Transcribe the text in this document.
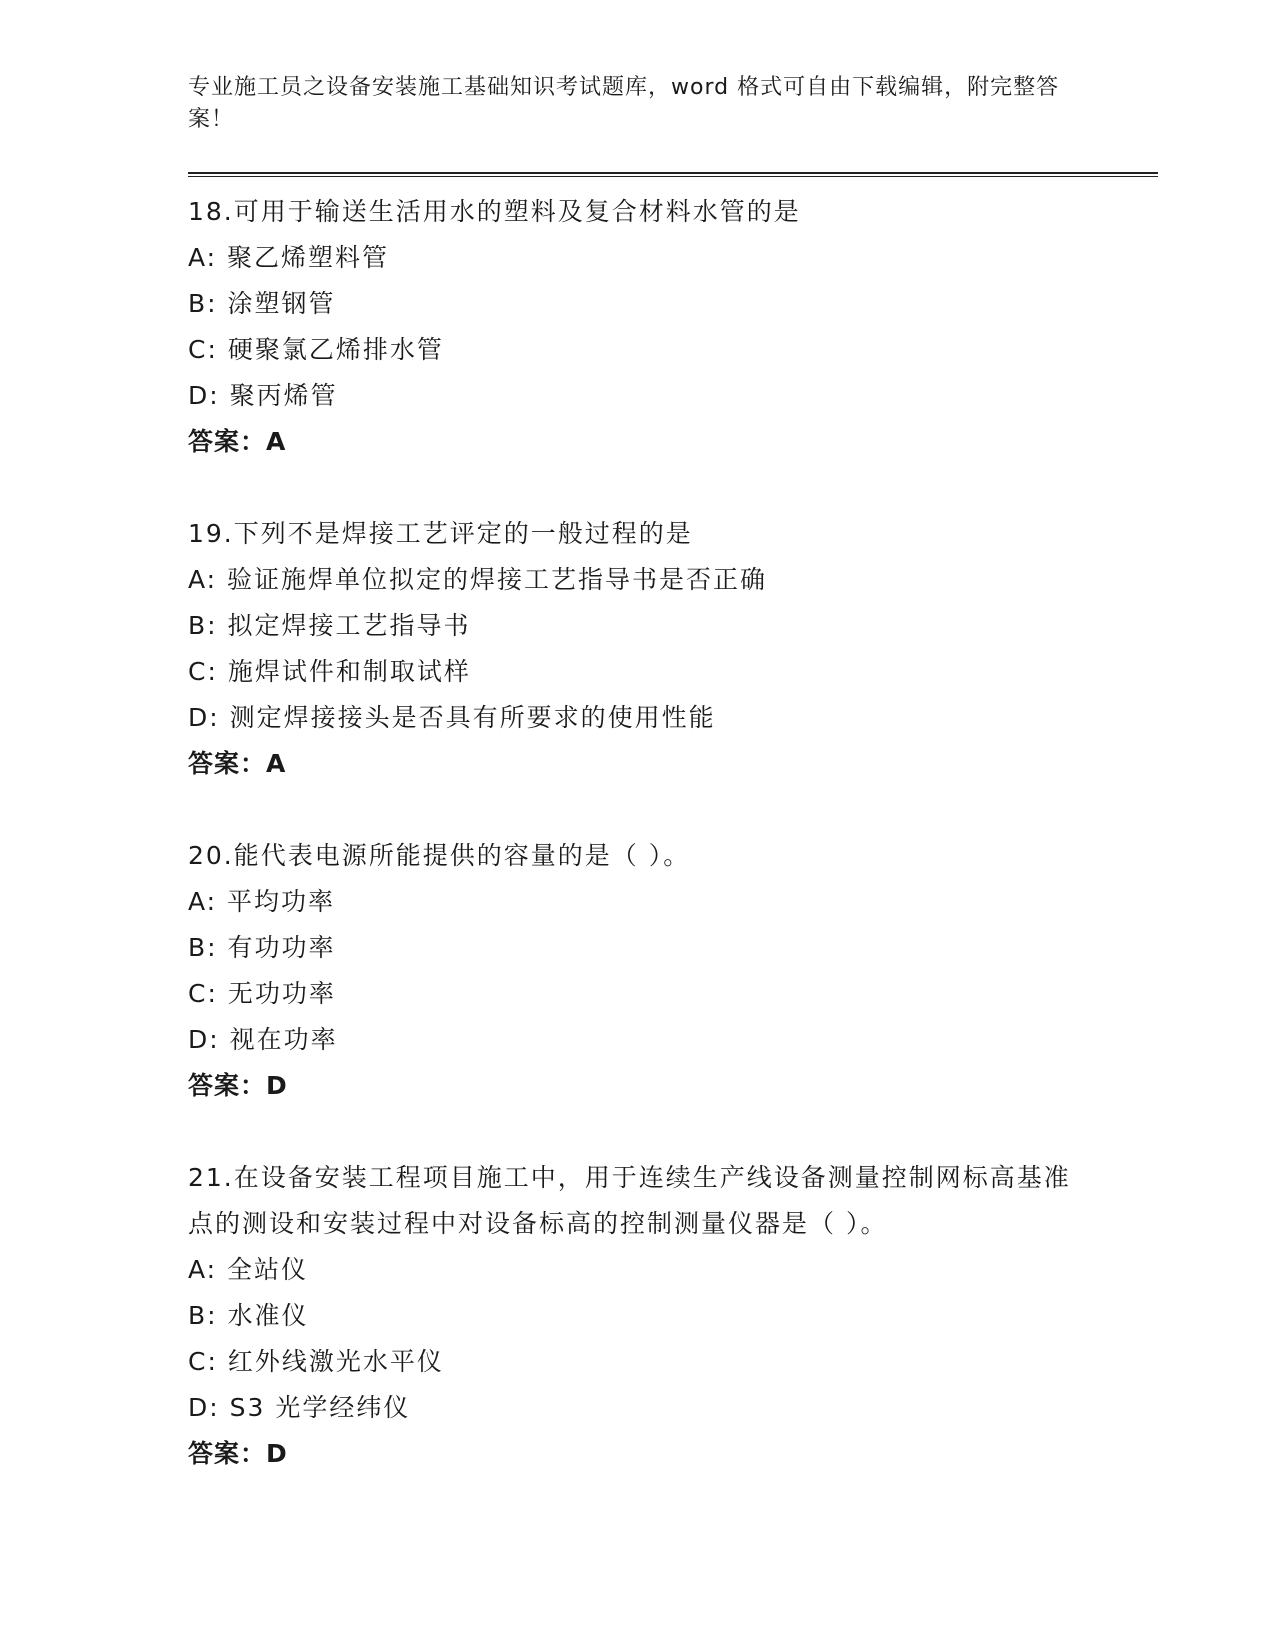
专业施工员之设备安装施工基础知识考试题库，word 格式可自由下载编辑，附完整答案！

18.可用于输送生活用水的塑料及复合材料水管的是

A: 聚乙烯塑料管

B: 涂塑钢管

C: 硬聚氯乙烯排水管

D: 聚丙烯管

答案：A

19.下列不是焊接工艺评定的一般过程的是

A: 验证施焊单位拟定的焊接工艺指导书是否正确

B: 拟定焊接工艺指导书

C: 施焊试件和制取试样

D: 测定焊接接头是否具有所要求的使用性能

答案：A

20.能代表电源所能提供的容量的是（ ）。

A: 平均功率

B: 有功功率

C: 无功功率

D: 视在功率

答案：D

21.在设备安装工程项目施工中，用于连续生产线设备测量控制网标高基准点的测设和安装过程中对设备标高的控制测量仪器是（ ）。

A: 全站仪

B: 水准仪

C: 红外线激光水平仪

D: S3 光学经纬仪

答案：D
